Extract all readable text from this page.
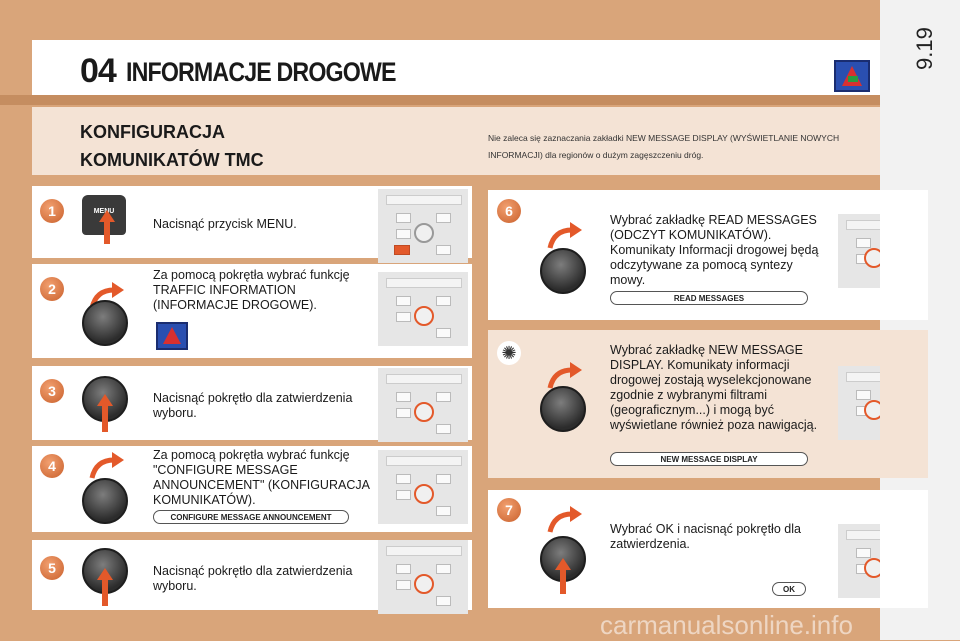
9.19
04 INFORMACJE DROGOWE
KONFIGURACJA
KOMUNIKATÓW TMC
Nie zaleca się zaznaczania zakładki NEW MESSAGE DISPLAY (WYŚWIETLANIE NOWYCH INFORMACJI) dla regionów o dużym zagęszczeniu dróg.
1
2
3
4
5
6
✺
7
MENU
Nacisnąć przycisk MENU.
Za pomocą pokrętła wybrać funkcję TRAFFIC INFORMATION (INFORMACJE DROGOWE).
Nacisnąć pokrętło dla zatwierdzenia wyboru.
Za pomocą pokrętła wybrać funkcję "CONFIGURE MESSAGE ANNOUNCEMENT" (KONFIGURACJA KOMUNIKATÓW).
CONFIGURE MESSAGE ANNOUNCEMENT
Nacisnąć pokrętło dla zatwierdzenia wyboru.
Wybrać zakładkę READ MESSAGES (ODCZYT KOMUNIKATÓW). Komunikaty Informacji drogowej będą odczytywane za pomocą syntezy mowy.
READ MESSAGES
Wybrać zakładkę NEW MESSAGE DISPLAY. Komunikaty informacji drogowej zostają wyselekcjonowane zgodnie z wybranymi filtrami (geograficznym...) i mogą być wyświetlane również poza nawigacją.
NEW MESSAGE DISPLAY
Wybrać OK i nacisnąć pokrętło dla zatwierdzenia.
OK
carmanualsonline.info
